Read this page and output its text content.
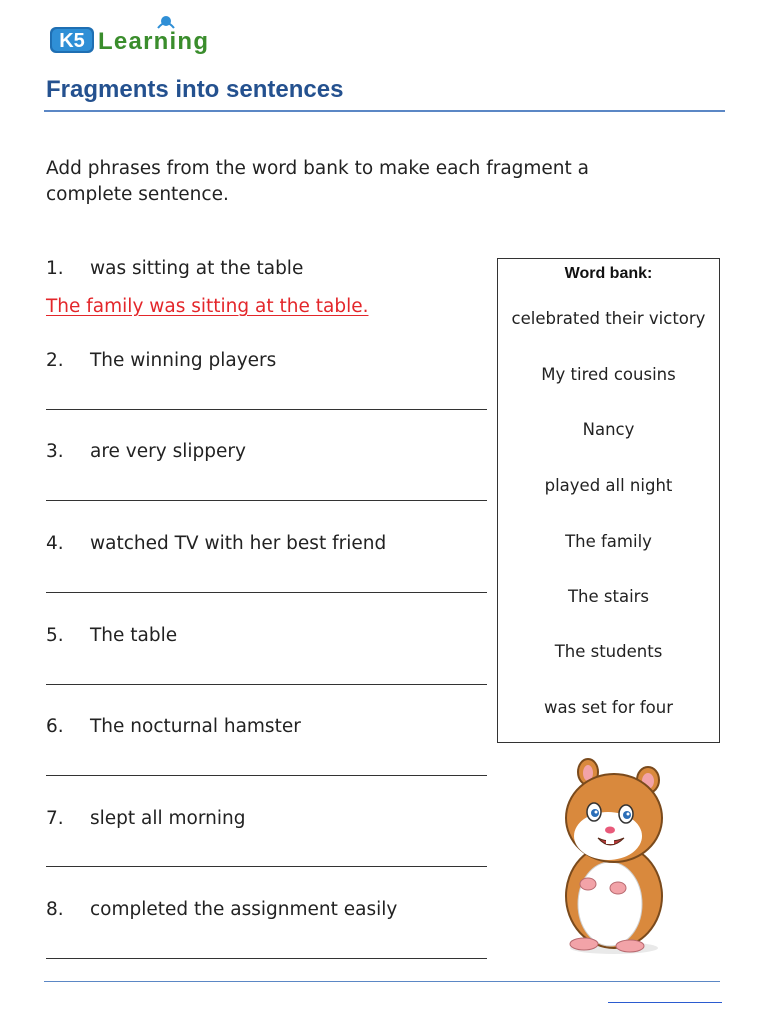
K5 Learning
Fragments into sentences
Add phrases from the word bank to make each fragment a complete sentence.
1. was sitting at the table
The family was sitting at the table.
2. The winning players
3. are very slippery
4. watched TV with her best friend
5. The table
6. The nocturnal hamster
7. slept all morning
8. completed the assignment easily
Word bank:
celebrated their victory
My tired cousins
Nancy
played all night
The family
The stairs
The students
was set for four
